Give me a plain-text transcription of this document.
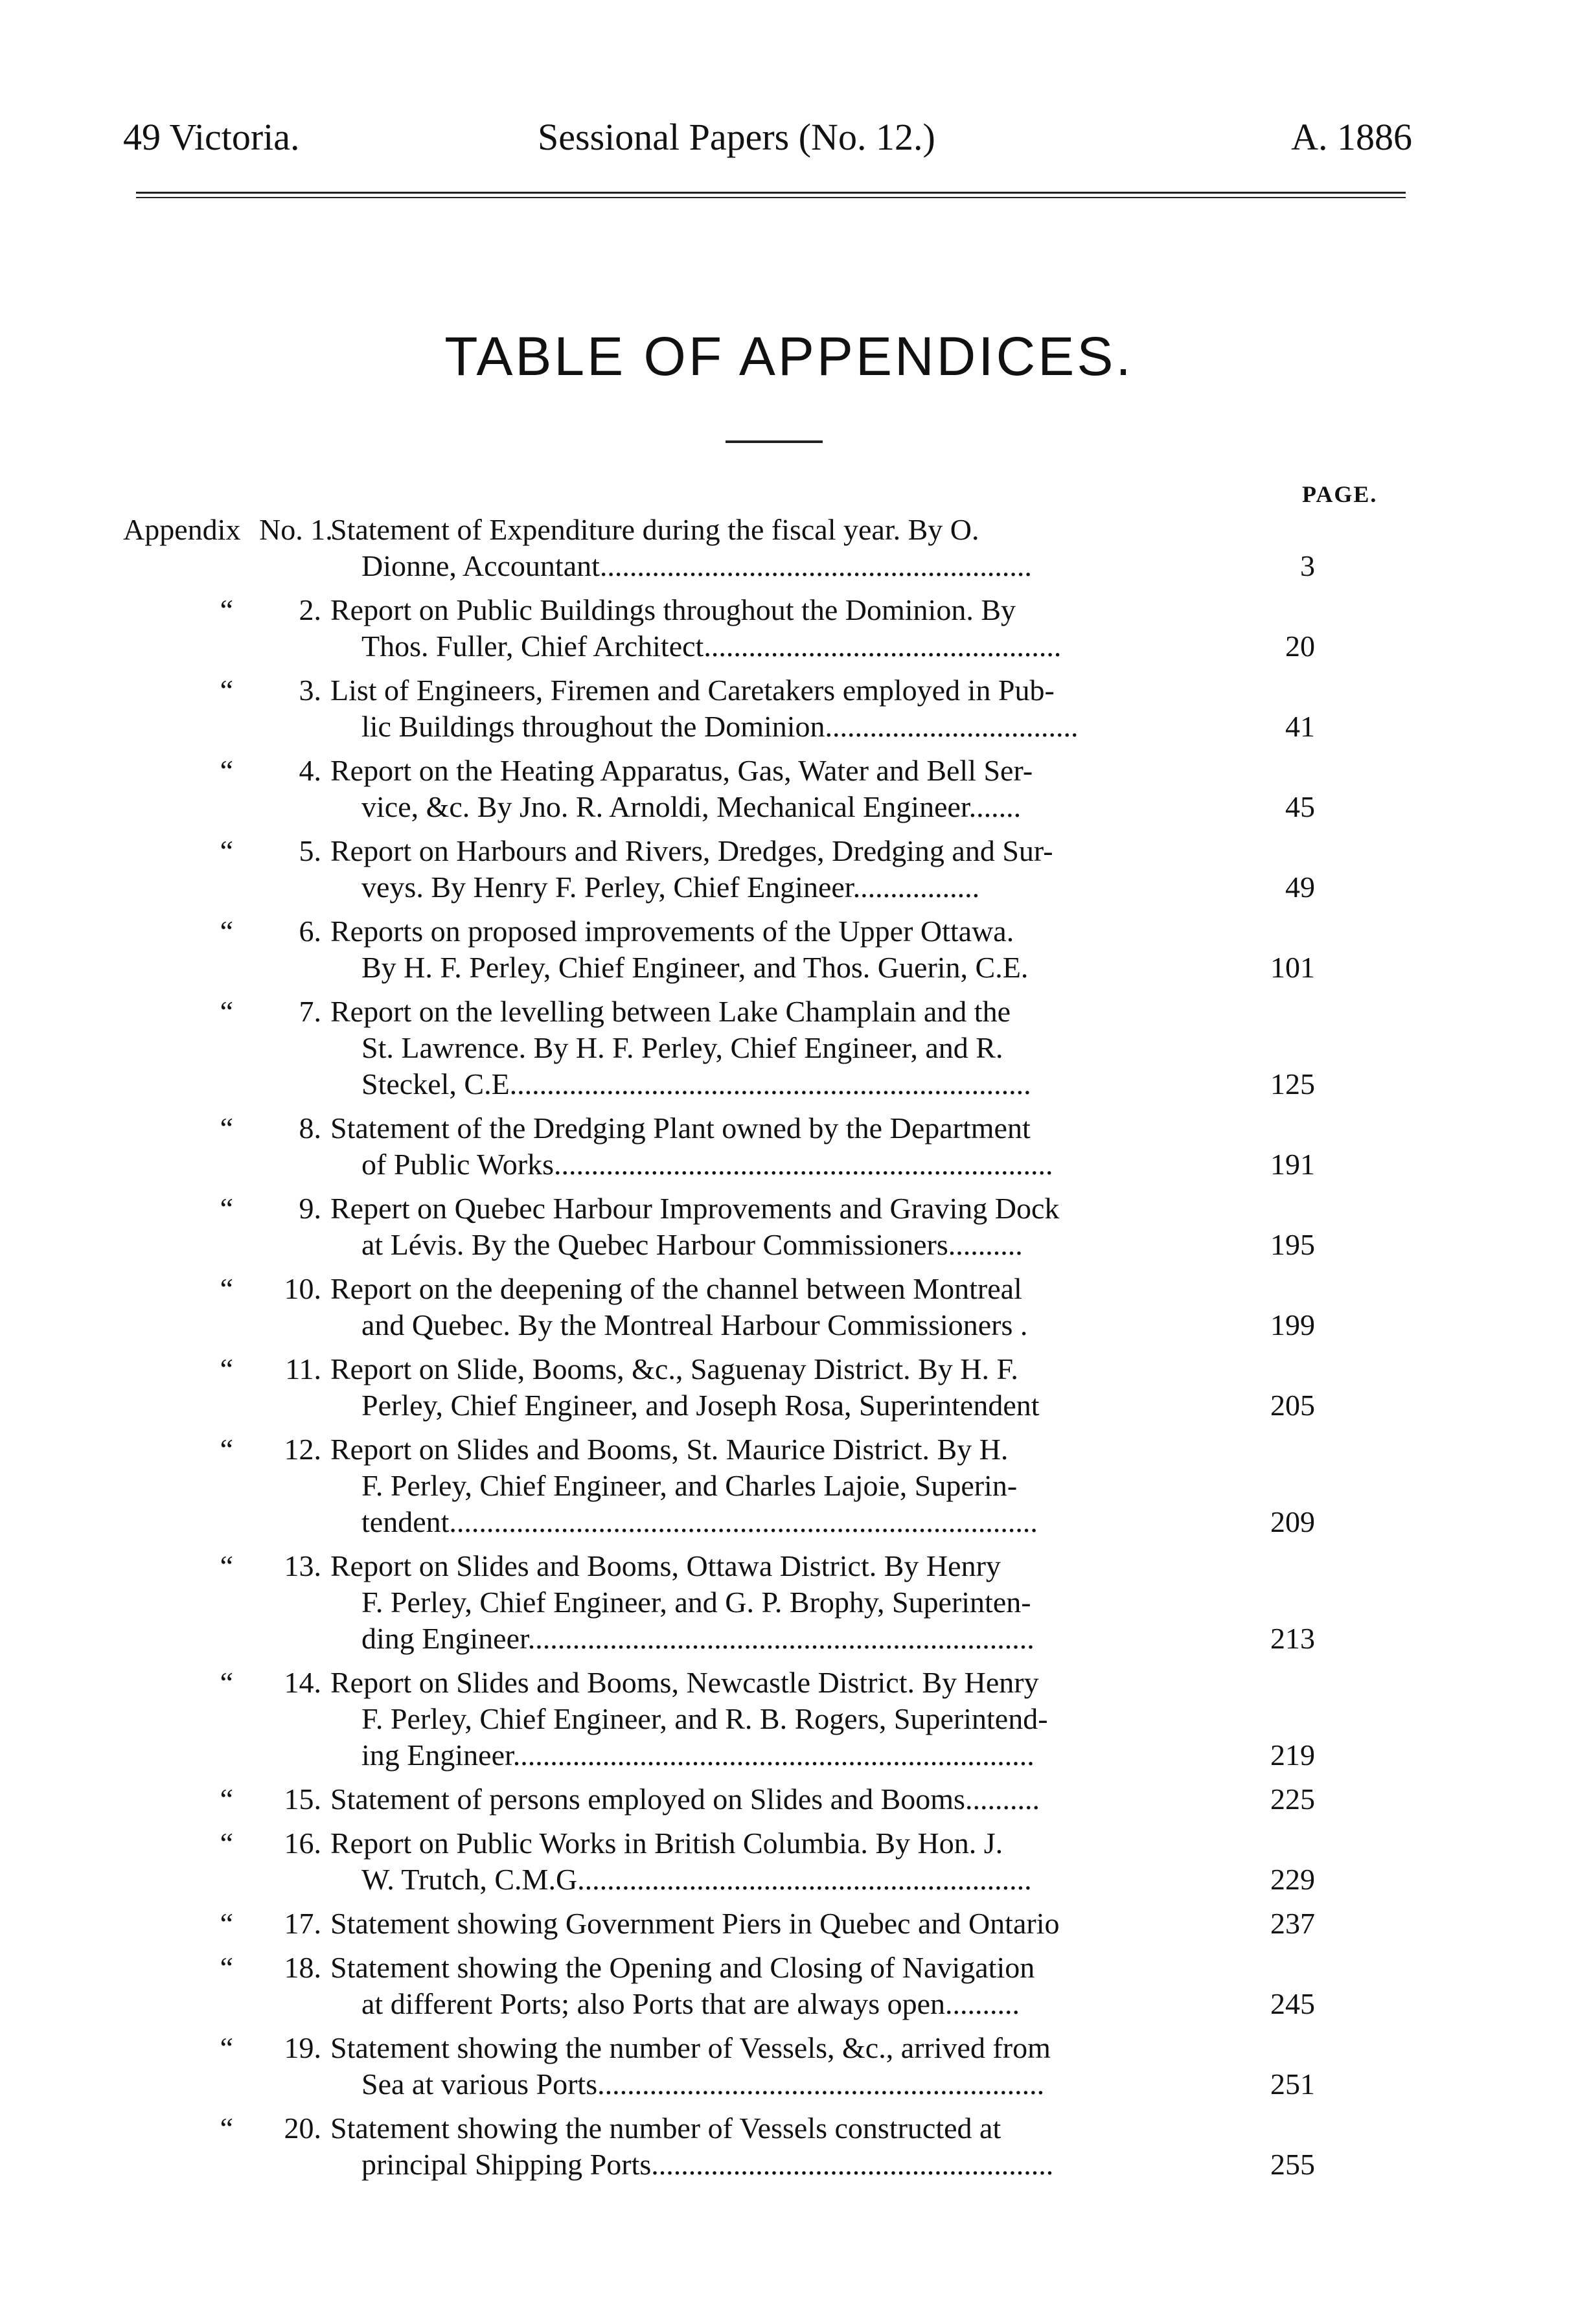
49 Victoria.	Sessional Papers (No. 12.)	A. 1886
TABLE OF APPENDICES.
PAGE.
Appendix No. 1.
Statement of Expenditure during the fiscal year. By O.
Dionne, Accountant..........................................................	3
“	2. Report on Public Buildings throughout the Dominion. By
Thos. Fuller, Chief Architect................................................	20
“	3. List of Engineers, Firemen and Caretakers employed in Pub-
lic Buildings throughout the Dominion..................................	41
“	4. Report on the Heating Apparatus, Gas, Water and Bell Ser-
vice, &c. By Jno. R. Arnoldi, Mechanical Engineer.......	45
“	5. Report on Harbours and Rivers, Dredges, Dredging and Sur-
veys. By Henry F. Perley, Chief Engineer.................	49
“	6. Reports on proposed improvements of the Upper Ottawa.
By H. F. Perley, Chief Engineer, and Thos. Guerin, C.E.	101
“	7. Report on the levelling between Lake Champlain and the
St. Lawrence. By H. F. Perley, Chief Engineer, and R.
Steckel, C.E......................................................................	125
“	8. Statement of the Dredging Plant owned by the Department
of Public Works...................................................................	191
“	9. Repert on Quebec Harbour Improvements and Graving Dock
at Lévis. By the Quebec Harbour Commissioners..........	195
“	10. Report on the deepening of the channel between Montreal
and Quebec. By the Montreal Harbour Commissioners .	199
“	11. Report on Slide, Booms, &c., Saguenay District. By H. F.
Perley, Chief Engineer, and Joseph Rosa, Superintendent	205
“	12. Report on Slides and Booms, St. Maurice District. By H.
F. Perley, Chief Engineer, and Charles Lajoie, Superin-
tendent...............................................................................	209
“	13. Report on Slides and Booms, Ottawa District. By Henry
F. Perley, Chief Engineer, and G. P. Brophy, Superinten-
ding Engineer....................................................................	213
“	14. Report on Slides and Booms, Newcastle District. By Henry
F. Perley, Chief Engineer, and R. B. Rogers, Superintend-
ing Engineer......................................................................	219
“	15. Statement of persons employed on Slides and Booms..........	225
“	16. Report on Public Works in British Columbia. By Hon. J.
W. Trutch, C.M.G.............................................................	229
“	17. Statement showing Government Piers in Quebec and Ontario	237
“	18. Statement showing the Opening and Closing of Navigation
at different Ports; also Ports that are always open..........	245
“	19. Statement showing the number of Vessels, &c., arrived from
Sea at various Ports............................................................	251
“	20. Statement showing the number of Vessels constructed at
principal Shipping Ports......................................................	255
